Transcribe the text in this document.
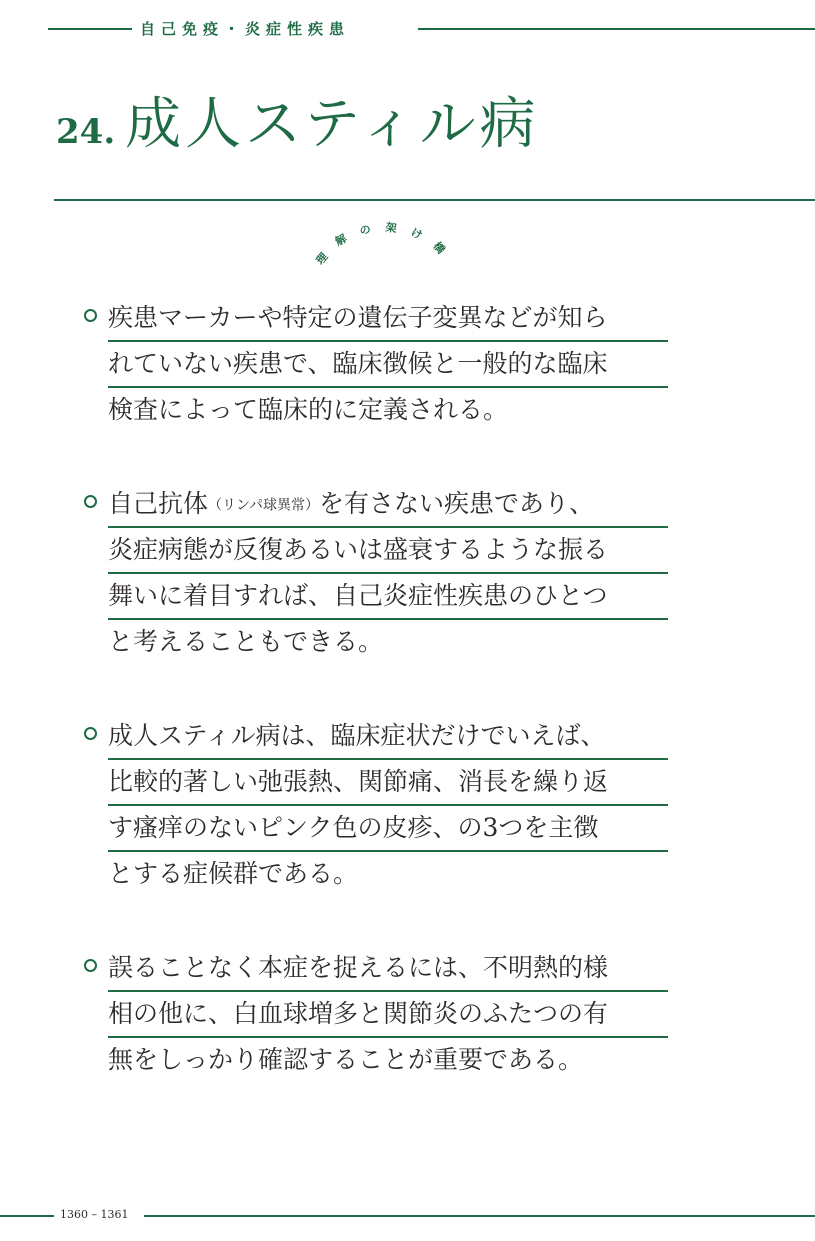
自己免疫・炎症性疾患
24. 成人スティル病
理解の架け橋
疾患マーカーや特定の遺伝子変異などが知ら
れていない疾患で、臨床徴候と一般的な臨床
検査によって臨床的に定義される。
自己抗体（リンパ球異常）を有さない疾患であり、
炎症病態が反復あるいは盛衰するような振る
舞いに着目すれば、自己炎症性疾患のひとつ
と考えることもできる。
成人スティル病は、臨床症状だけでいえば、
比較的著しい弛張熱、関節痛、消長を繰り返
す瘙痒のないピンク色の皮疹、の3つを主徴
とする症候群である。
誤ることなく本症を捉えるには、不明熱的様
相の他に、白血球増多と関節炎のふたつの有
無をしっかり確認することが重要である。
1360 – 1361
